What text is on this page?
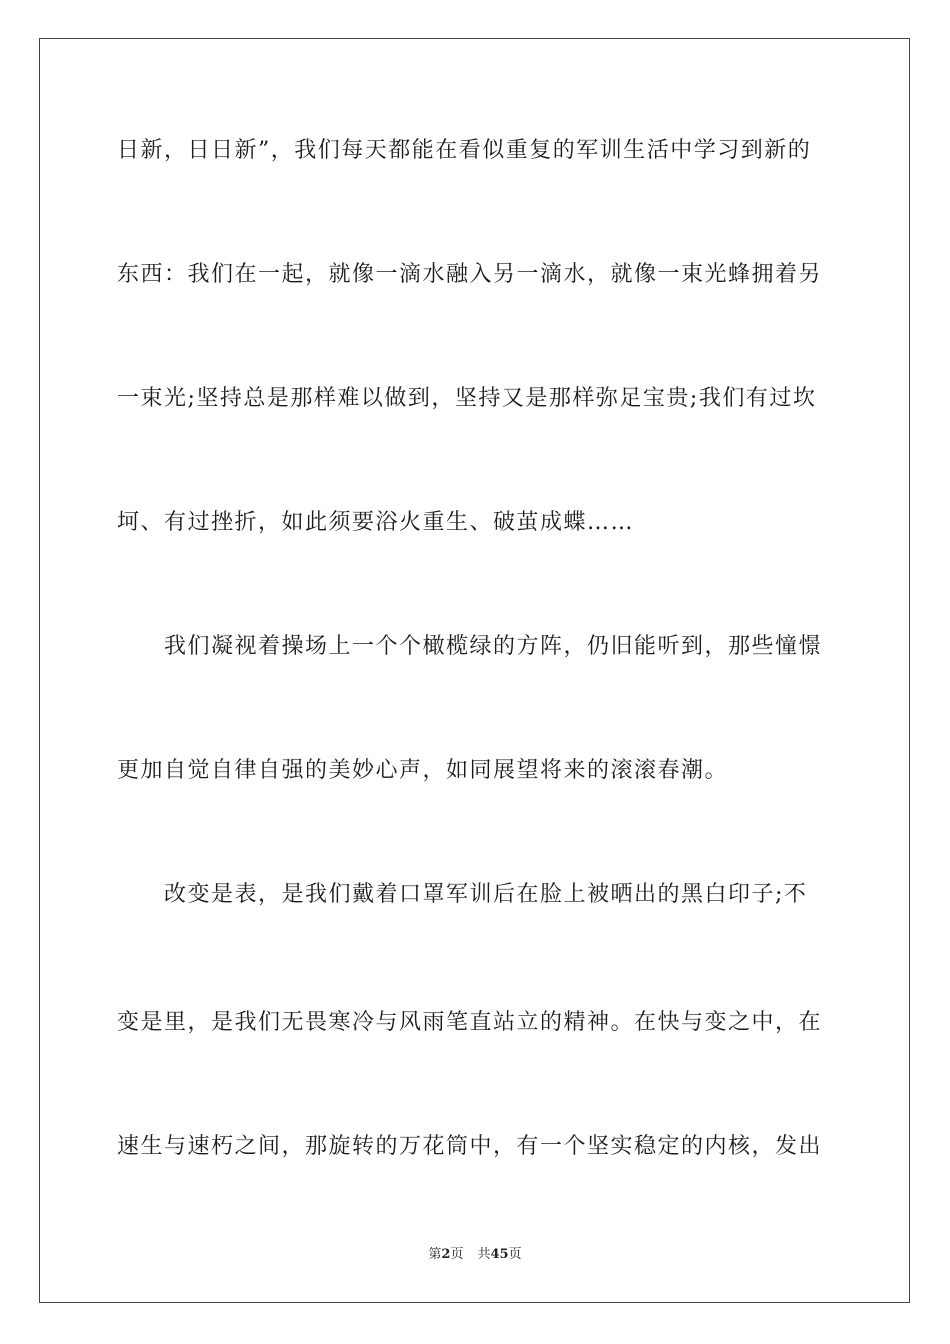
日新，日日新”，我们每天都能在看似重复的军训生活中学习到新的

东西：我们在一起，就像一滴水融入另一滴水，就像一束光蜂拥着另

一束光;坚持总是那样难以做到，坚持又是那样弥足宝贵;我们有过坎

坷、有过挫折，如此须要浴火重生、破茧成蝶……

　　我们凝视着操场上一个个橄榄绿的方阵，仍旧能听到，那些憧憬

更加自觉自律自强的美妙心声，如同展望将来的滚滚春潮。

　　改变是表，是我们戴着口罩军训后在脸上被晒出的黑白印子;不

变是里，是我们无畏寒冷与风雨笔直站立的精神。在快与变之中，在

速生与速朽之间，那旋转的万花筒中，有一个坚实稳定的内核，发出

第2页 共45页
